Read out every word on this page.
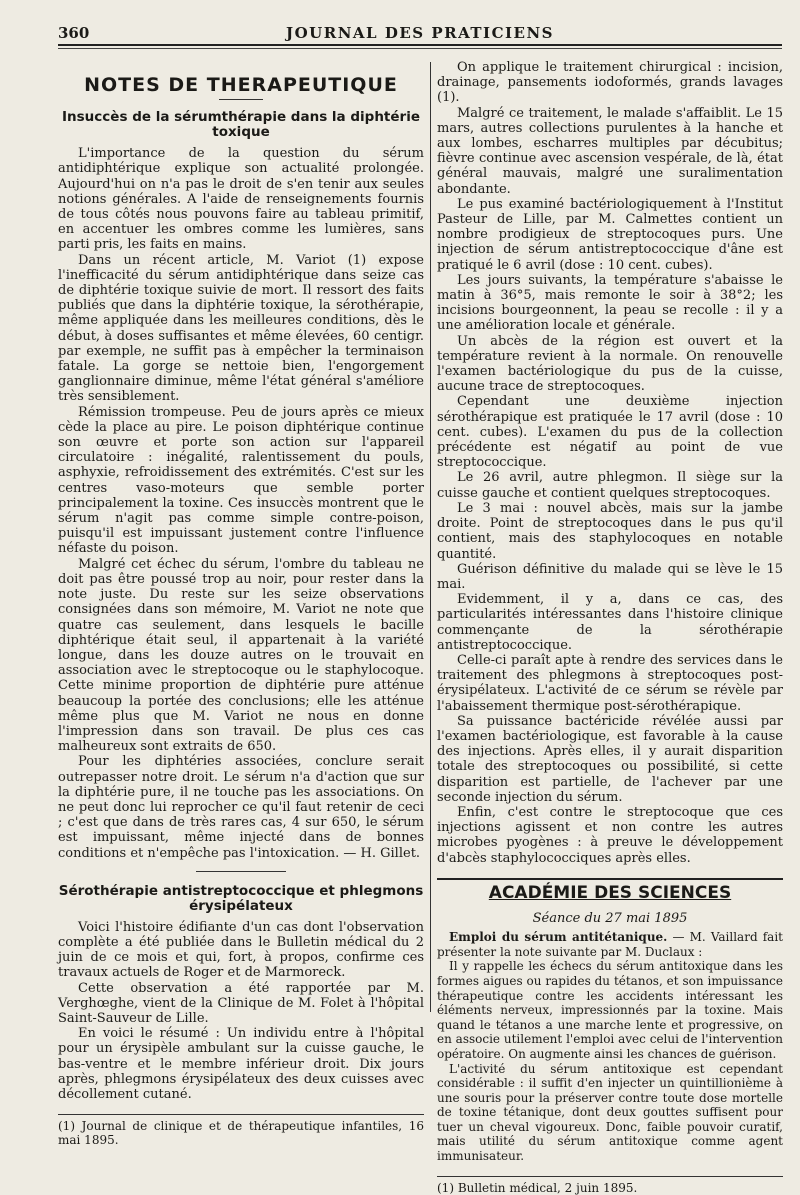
360	JOURNAL DES PRATICIENS
NOTES DE THERAPEUTIQUE
Insuccès de la sérumthérapie dans la diphtérie toxique

L'importance de la question du sérum antidiphtérique explique son actualité prolongée. Aujourd'hui on n'a pas le droit de s'en tenir aux seules notions générales. A l'aide de renseignements fournis de tous côtés nous pouvons faire au tableau primitif, en accentuer les ombres comme les lumières, sans parti pris, les faits en mains.

Dans un récent article, M. Variot (1) expose l'inefficacité du sérum antidiphtérique dans seize cas de diphtérie toxique suivie de mort. Il ressort des faits publiés que dans la diphtérie toxique, la sérothérapie, même appliquée dans les meilleures conditions, dès le début, à doses suffisantes et même élevées, 60 centigr. par exemple, ne suffit pas à empêcher la terminaison fatale. La gorge se nettoie bien, l'engorgement ganglionnaire diminue, même l'état général s'améliore très sensiblement.

Rémission trompeuse. Peu de jours après ce mieux cède la place au pire. Le poison diphtérique continue son œuvre et porte son action sur l'appareil circulatoire : inégalité, ralentissement du pouls, asphyxie, refroidissement des extrémités. C'est sur les centres vaso-moteurs que semble porter principalement la toxine. Ces insuccès montrent que le sérum n'agit pas comme simple contre-poison, puisqu'il est impuissant justement contre l'influence néfaste du poison.

Malgré cet échec du sérum, l'ombre du tableau ne doit pas être poussé trop au noir, pour rester dans la note juste. Du reste sur les seize observations consignées dans son mémoire, M. Variot ne note que quatre cas seulement, dans lesquels le bacille diphtérique était seul, il appartenait à la variété longue, dans les douze autres on le trouvait en association avec le streptocoque ou le staphylocoque. Cette minime proportion de diphtérie pure atténue beaucoup la portée des conclusions; elle les atténue même plus que M. Variot ne nous en donne l'impression dans son travail. De plus ces cas malheureux sont extraits de 650.

Pour les diphtéries associées, conclure serait outrepasser notre droit. Le sérum n'a d'action que sur la diphtérie pure, il ne touche pas les associations. On ne peut donc lui reprocher ce qu'il faut retenir de ceci ; c'est que dans de très rares cas, 4 sur 650, le sérum est impuissant, même injecté dans de bonnes conditions et n'empêche pas l'intoxication. — H. Gillet.

Sérothérapie antistreptococcique et phlegmons érysipélateux

Voici l'histoire édifiante d'un cas dont l'observation complète a été publiée dans le Bulletin médical du 2 juin de ce mois et qui, fort, à propos, confirme ces travaux actuels de Roger et de Marmoreck.

Cette observation a été rapportée par M. Verghœghe, vient de la Clinique de M. Folet à l'hôpital Saint-Sauveur de Lille.

En voici le résumé : Un individu entre à l'hôpital pour un érysipèle ambulant sur la cuisse gauche, le bas-ventre et le membre inférieur droit. Dix jours après, phlegmons érysipélateux des deux cuisses avec décollement cutané.

(1) Journal de clinique et de thérapeutique infantiles, 16 mai 1895.

On applique le traitement chirurgical : incision, drainage, pansements iodoformés, grands lavages (1).

Malgré ce traitement, le malade s'affaiblit. Le 15 mars, autres collections purulentes à la hanche et aux lombes, escharres multiples par décubitus; fièvre continue avec ascension vespérale, de là, état général mauvais, malgré une suralimentation abondante.

Le pus examiné bactériologiquement à l'Institut Pasteur de Lille, par M. Calmettes contient un nombre prodigieux de streptocoques purs. Une injection de sérum antistreptococcique d'âne est pratiqué le 6 avril (dose : 10 cent. cubes).

Les jours suivants, la température s'abaisse le matin à 36°5, mais remonte le soir à 38°2; les incisions bourgeonnent, la peau se recolle : il y a une amélioration locale et générale.

Un abcès de la région est ouvert et la température revient à la normale. On renouvelle l'examen bactériologique du pus de la cuisse, aucune trace de streptocoques.

Cependant une deuxième injection sérothérapique est pratiquée le 17 avril (dose : 10 cent. cubes). L'examen du pus de la collection précédente est négatif au point de vue streptococcique.

Le 26 avril, autre phlegmon. Il siège sur la cuisse gauche et contient quelques streptocoques.

Le 3 mai : nouvel abcès, mais sur la jambe droite. Point de streptocoques dans le pus qu'il contient, mais des staphylocoques en notable quantité.

Guérison définitive du malade qui se lève le 15 mai.

Evidemment, il y a, dans ce cas, des particularités intéressantes dans l'histoire clinique commençante de la sérothérapie antistreptococcique.

Celle-ci paraît apte à rendre des services dans le traitement des phlegmons à streptocoques post-érysipélateux. L'activité de ce sérum se révèle par l'abaissement thermique post-sérothérapique.

Sa puissance bactéricide révélée aussi par l'examen bactériologique, est favorable à la cause des injections. Après elles, il y aurait disparition totale des streptocoques ou possibilité, si cette disparition est partielle, de l'achever par une seconde injection du sérum.

Enfin, c'est contre le streptocoque que ces injections agissent et non contre les autres microbes pyogènes : à preuve le développement d'abcès staphylococciques après elles.

ACADÉMIE DES SCIENCES
Séance du 27 mai 1895

Emploi du sérum antitétanique. — M. Vaillard fait présenter la note suivante par M. Duclaux :

Il y rappelle les échecs du sérum antitoxique dans les formes aigues ou rapides du tétanos, et son impuissance thérapeutique contre les accidents intéressant les éléments nerveux, impressionnés par la toxine. Mais quand le tétanos a une marche lente et progressive, on en associe utilement l'emploi avec celui de l'intervention opératoire. On augmente ainsi les chances de guérison.

L'activité du sérum antitoxique est cependant considérable : il suffit d'en injecter un quintillionième à une souris pour la préserver contre toute dose mortelle de toxine tétanique, dont deux gouttes suffisent pour tuer un cheval vigoureux. Donc, faible pouvoir curatif, mais utilité du sérum antitoxique comme agent immunisateur.

(1) Bulletin médical, 2 juin 1895.
